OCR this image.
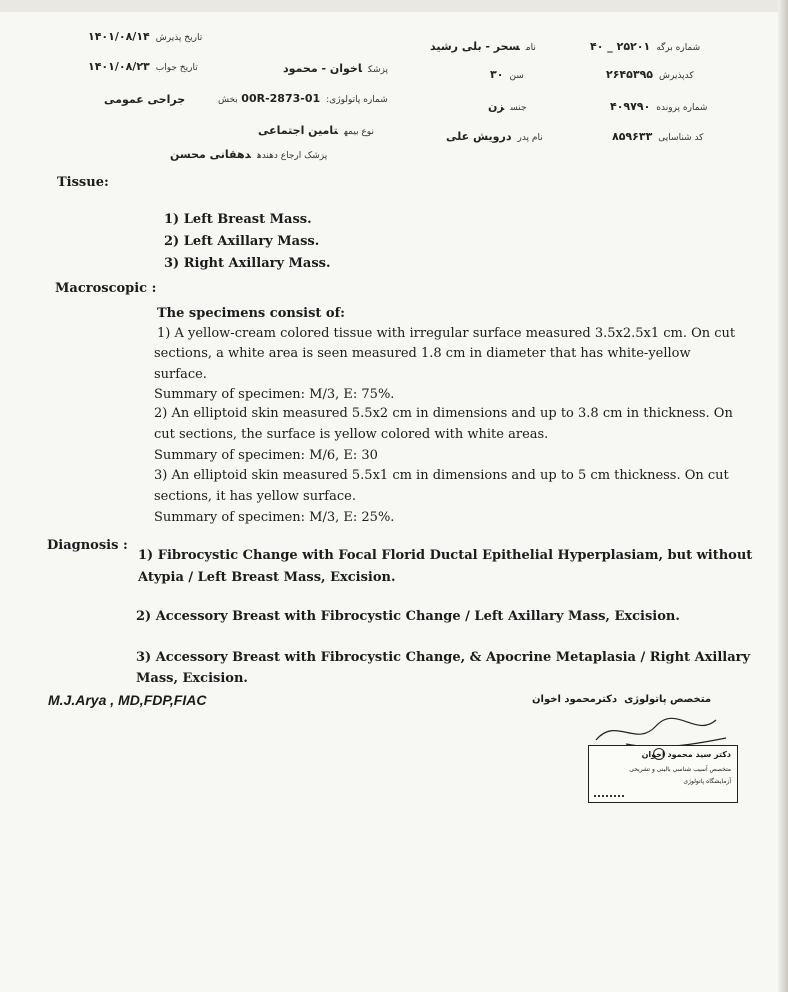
تاریخ پذیرش۱۴۰۱/۰۸/۱۴
تاریخ جواب۱۴۰۱/۰۸/۲۳
جراحی عمومی
پزشکاخوان - محمود
شماره پاتولوژی:00R-2873-01 بخش
نوع بیمهتامین اجتماعی
پزشک ارجاع دهندهدهقانی محسن
نامسحر - بلی رشید
سن۳۰
جنسزن
نام پدردرویش علی
شماره برگه۲۵۲۰۱ _ ۴۰
کدپذیرش۲۶۴۵۳۹۵
شماره پرونده۴۰۹۷۹۰
کد شناسایی۸۵۹۶۳۳
Tissue:
1) Left Breast Mass.
2) Left Axillary Mass.
3) Right Axillary Mass.
Macroscopic :
The specimens consist of:
1) A yellow-cream colored tissue with irregular surface measured 3.5x2.5x1 cm. On cut
sections, a white area is seen measured 1.8 cm in diameter that has white-yellow
surface.
Summary of specimen: M/3, E: 75%.
2) An elliptoid skin measured 5.5x2 cm in dimensions and up to 3.8 cm in thickness. On
cut sections, the surface is yellow colored with white areas.
Summary of specimen: M/6, E: 30
3) An elliptoid skin measured 5.5x1 cm in dimensions and up to 5 cm thickness. On cut
sections, it has yellow surface.
Summary of specimen: M/3, E: 25%.
Diagnosis :
1) Fibrocystic Change with Focal Florid Ductal Epithelial Hyperplasiam, but without
Atypia / Left Breast Mass, Excision.
2) Accessory Breast with Fibrocystic Change / Left Axillary Mass, Excision.
3) Accessory Breast with Fibrocystic Change, & Apocrine Metaplasia / Right Axillary
Mass, Excision.
M.J.Arya , MD,FDP,FIAC	متخصص پاتولوژی  دکترمحمود اخوان
دکتر سید محمود اخوان
متخصص آسیب شناسی بالینی و تشریحی
آزمایشگاه پاتولوژی
